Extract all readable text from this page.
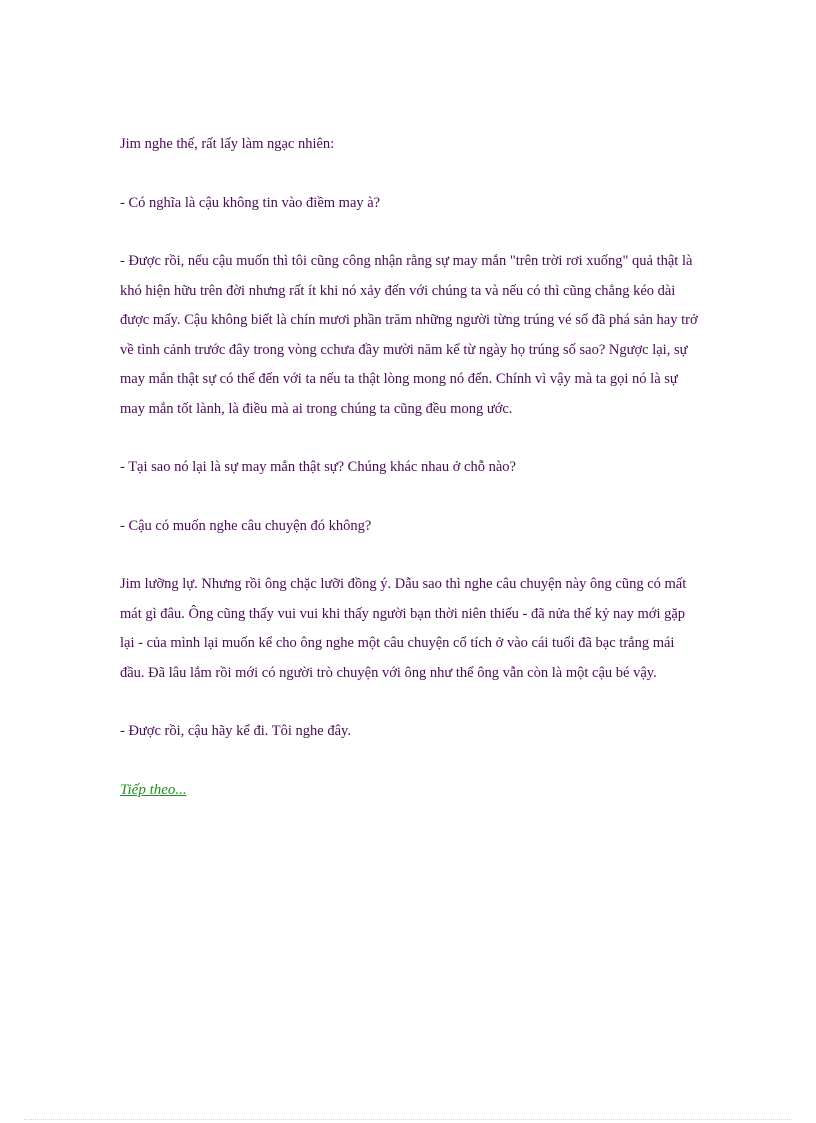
Jim nghe thế, rất lấy làm ngạc nhiên:

- Có nghĩa là cậu không tin vào điềm may à?

- Được rồi, nếu cậu muốn thì tôi cũng công nhận rằng sự may mắn "trên trời rơi xuống" quả thật là khó hiện hữu trên đời nhưng rất ít khi nó xảy đến với chúng ta và nếu có thì cũng chẳng kéo dài được mấy. Cậu không biết là chín mươi phần trăm những người từng trúng vé số đã phá sản hay trở về tình cảnh trước đây trong vòng cchưa đầy mười năm kể từ ngày họ trúng số sao? Ngược lại, sự may mắn thật sự có thể đến với ta nếu ta thật lòng mong nó đến. Chính vì vậy mà ta gọi nó là sự may mắn tốt lành, là điều mà ai trong chúng ta cũng đều mong ước.

- Tại sao nó lại là sự may mắn thật sự? Chúng khác nhau ở chỗ nào?

- Cậu có muốn nghe câu chuyện đó không?

Jim lưỡng lự. Nhưng rồi ông chặc lưỡi đồng ý. Dẫu sao thì nghe câu chuyện này ông cũng có mất mát gì đâu. Ông cũng thấy vui vui khi thấy người bạn thời niên thiếu - đã nửa thế kỷ nay mới gặp lại - của mình lại muốn kể cho ông nghe một câu chuyện cổ tích ở vào cái tuổi đã bạc trắng mái đầu. Đã lâu lắm rồi mới có người trò chuyện với ông như thể ông vẫn còn là một cậu bé vậy.

- Được rồi, cậu hãy kể đi. Tôi nghe đây.

Tiếp theo...
